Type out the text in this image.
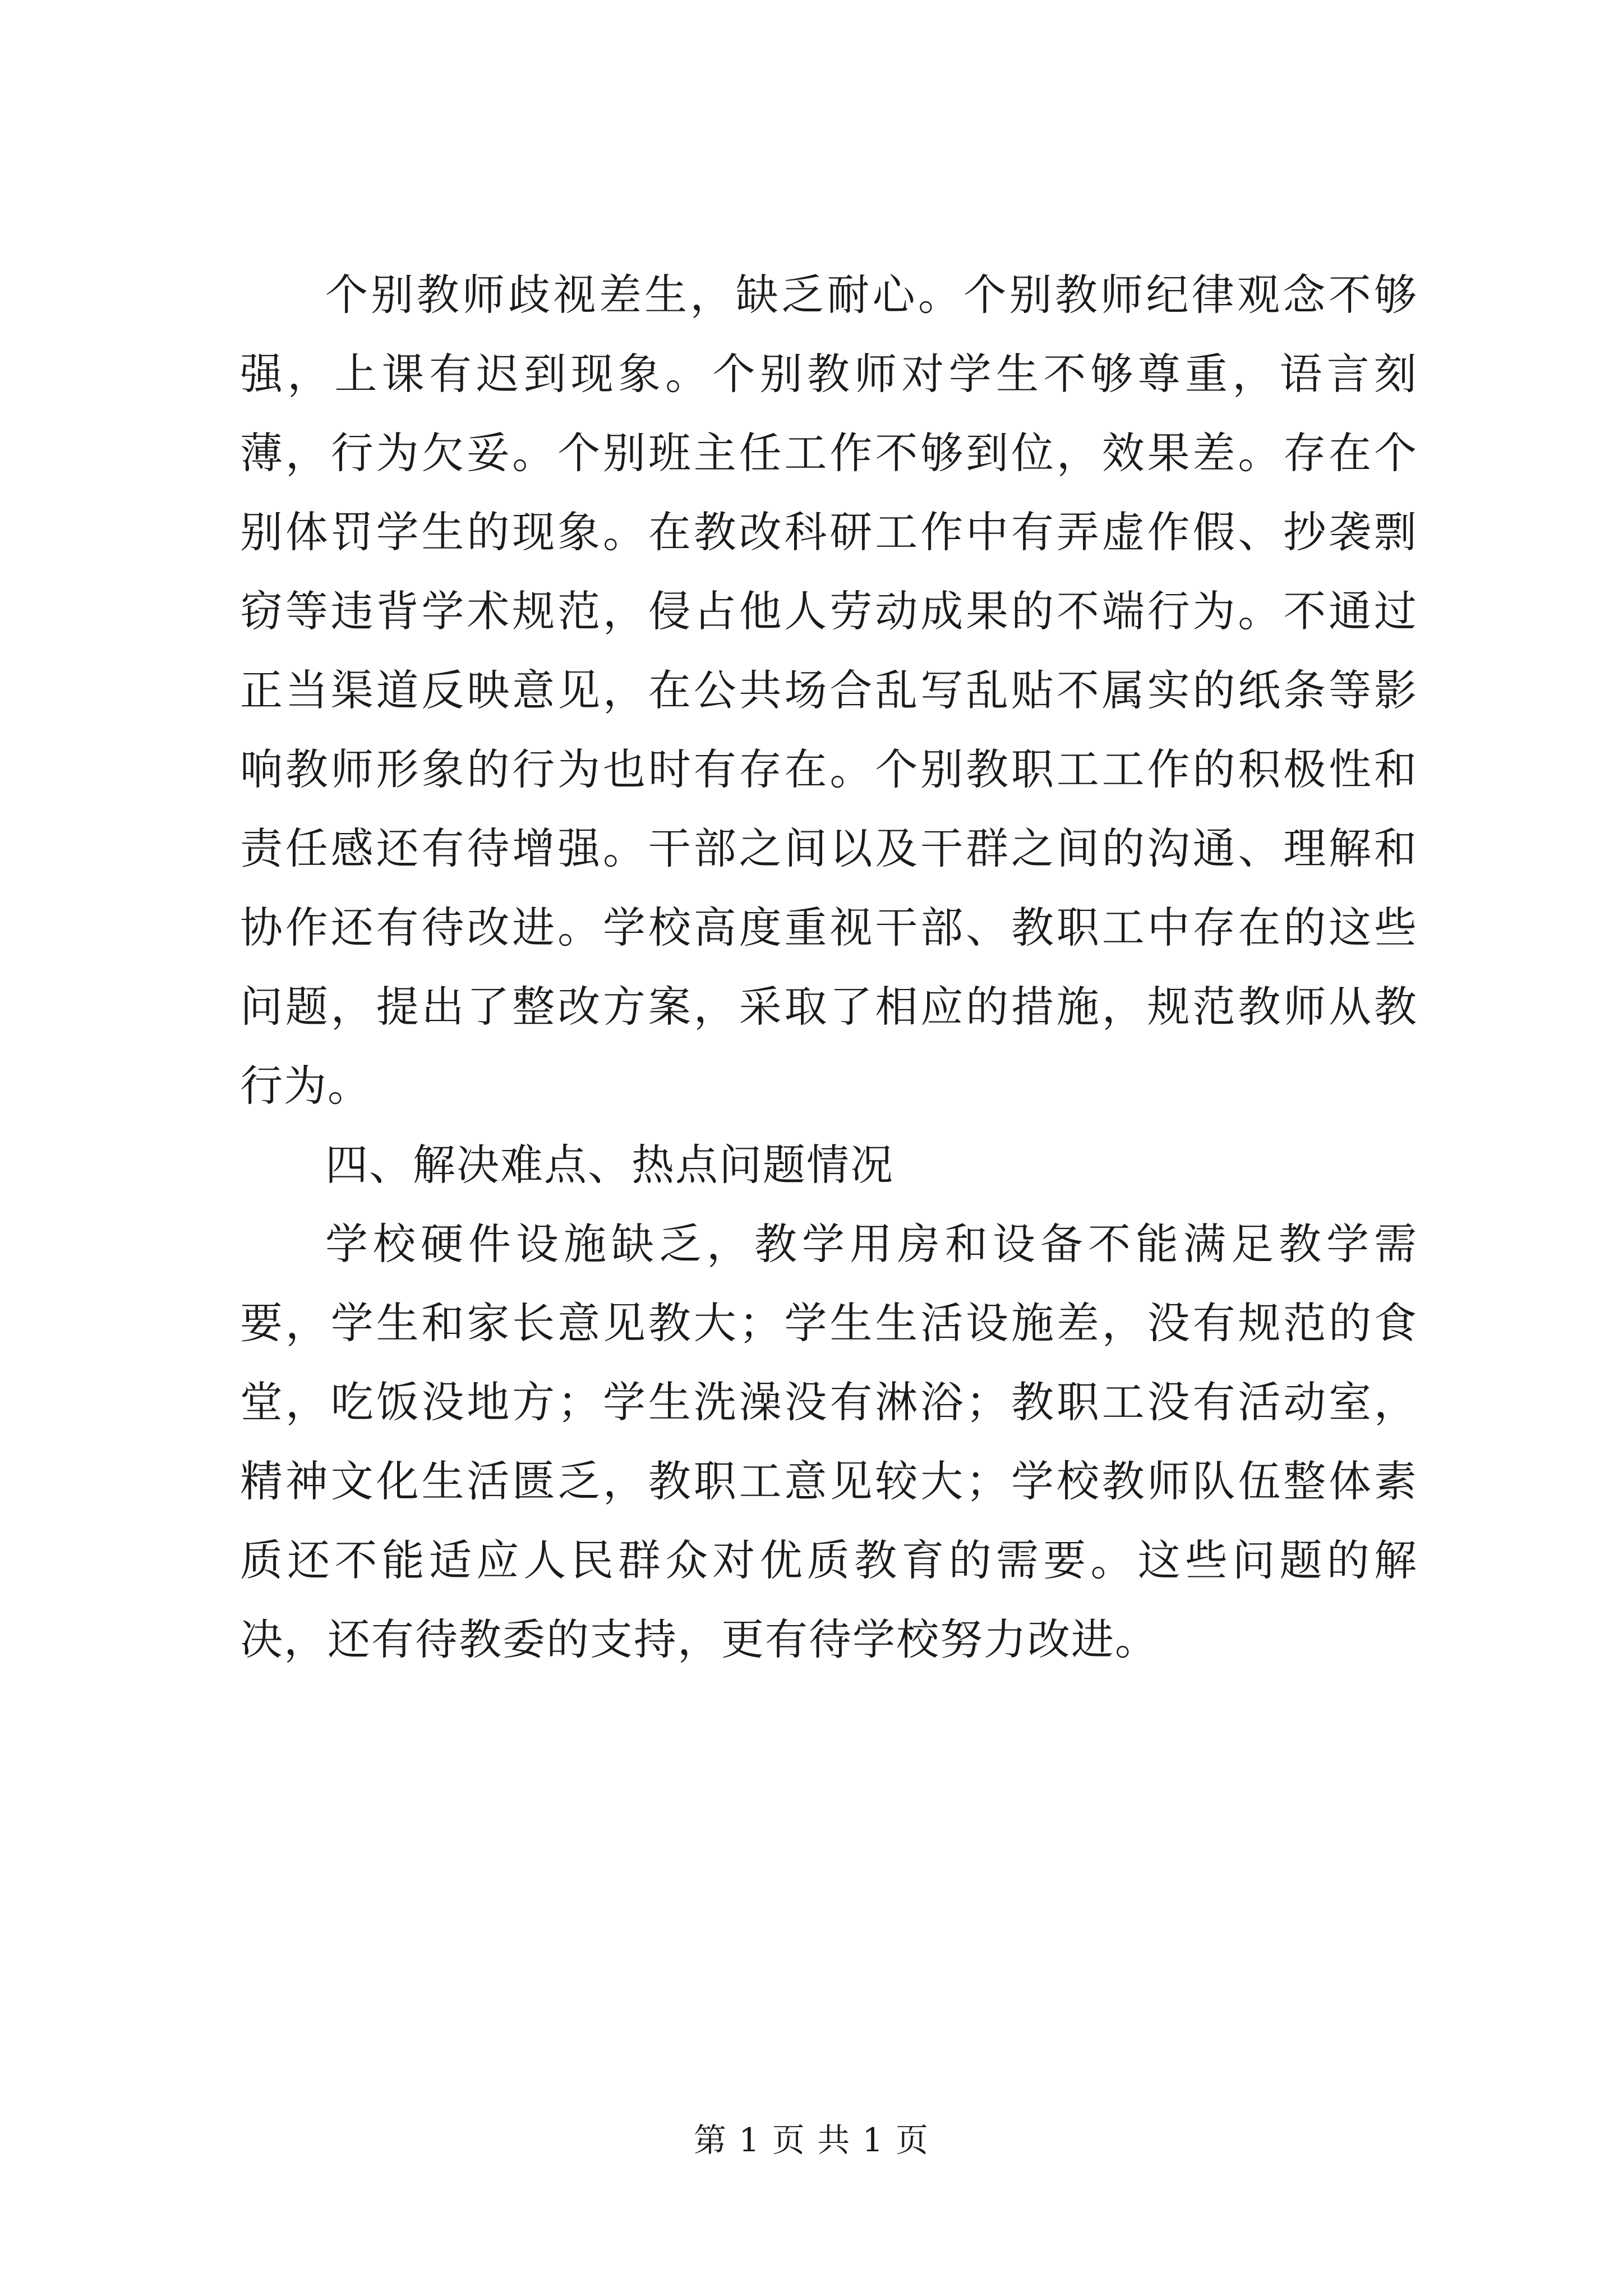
个别教师歧视差生，缺乏耐心。个别教师纪律观念不够强，上课有迟到现象。个别教师对学生不够尊重，语言刻薄，行为欠妥。个别班主任工作不够到位，效果差。存在个别体罚学生的现象。在教改科研工作中有弄虚作假、抄袭剽窃等违背学术规范，侵占他人劳动成果的不端行为。不通过正当渠道反映意见，在公共场合乱写乱贴不属实的纸条等影响教师形象的行为也时有存在。个别教职工工作的积极性和责任感还有待增强。干部之间以及干群之间的沟通、理解和协作还有待改进。学校高度重视干部、教职工中存在的这些问题，提出了整改方案，采取了相应的措施，规范教师从教行为。

四、解决难点、热点问题情况

学校硬件设施缺乏，教学用房和设备不能满足教学需要，学生和家长意见教大；学生生活设施差，没有规范的食堂，吃饭没地方；学生洗澡没有淋浴；教职工没有活动室，精神文化生活匮乏，教职工意见较大；学校教师队伍整体素质还不能适应人民群众对优质教育的需要。这些问题的解决，还有待教委的支持，更有待学校努力改进。

第 1 页 共 1 页
